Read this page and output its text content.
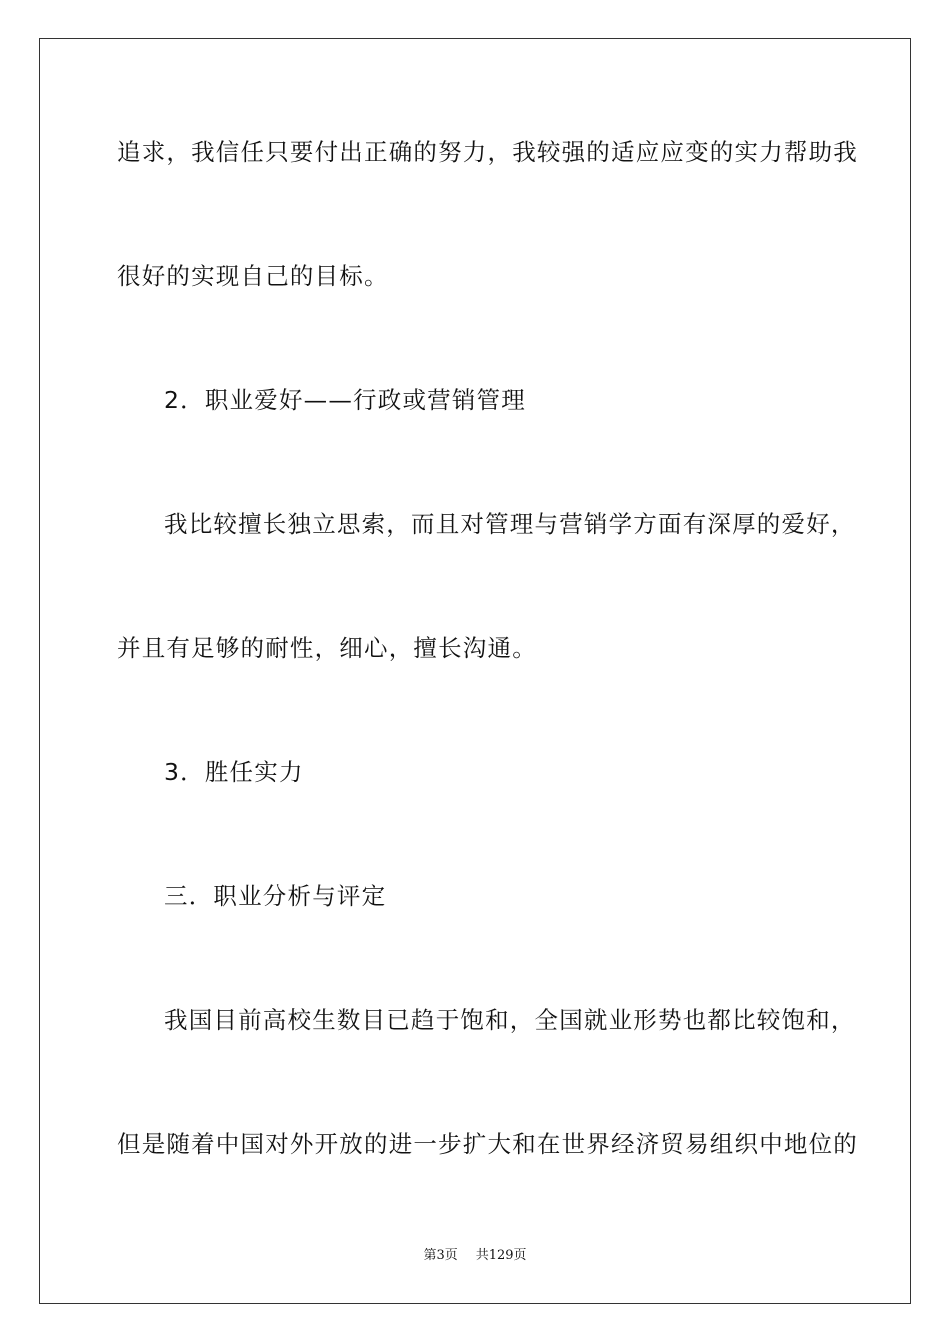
追求，我信任只要付出正确的努力，我较强的适应应变的实力帮助我
很好的实现自己的目标。
2．职业爱好——行政或营销管理
我比较擅长独立思索，而且对管理与营销学方面有深厚的爱好，
并且有足够的耐性，细心，擅长沟通。
3．胜任实力
三．职业分析与评定
我国目前高校生数目已趋于饱和，全国就业形势也都比较饱和，
但是随着中国对外开放的进一步扩大和在世界经济贸易组织中地位的
第3页 共129页
